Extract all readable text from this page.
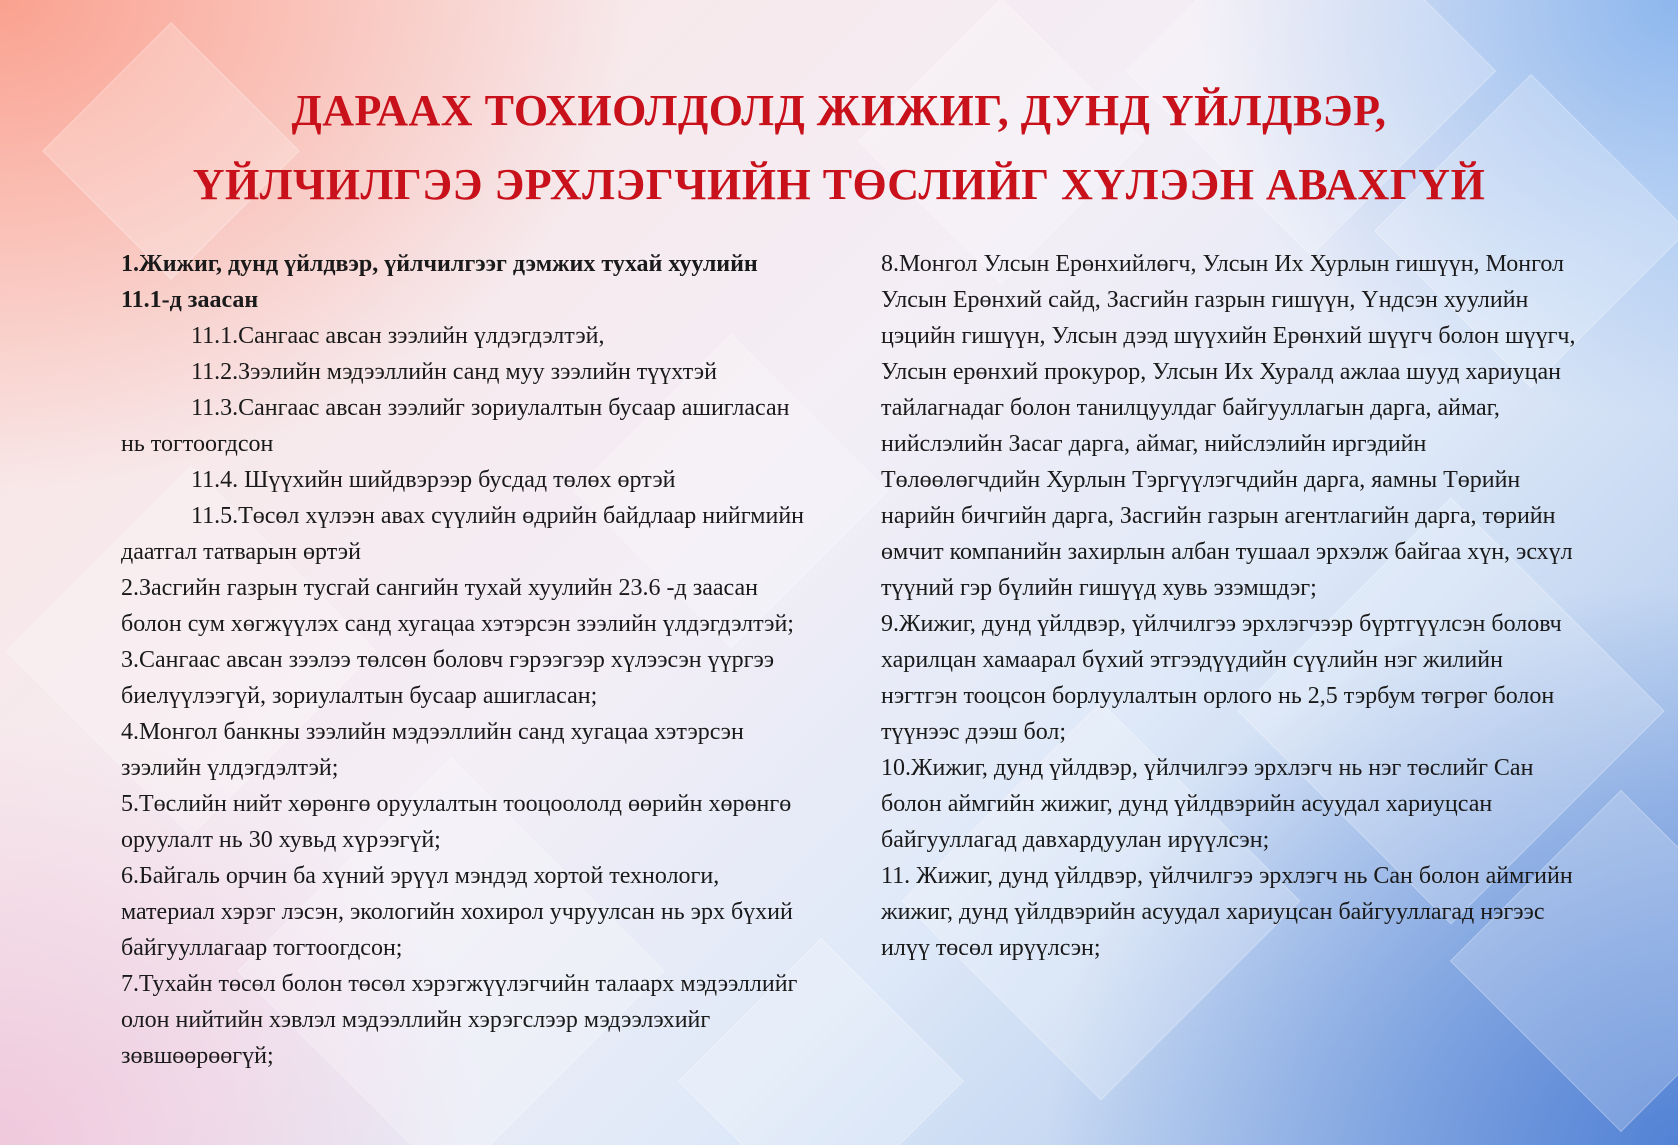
ДАРААХ ТОХИОЛДОЛД ЖИЖИГ, ДУНД ҮЙЛДВЭР,
ҮЙЛЧИЛГЭЭ ЭРХЛЭГЧИЙН ТӨСЛИЙГ ХҮЛЭЭН АВАХГҮЙ

1.Жижиг, дунд үйлдвэр, үйлчилгээг дэмжих тухай хуулийн 11.1-д заасан

11.1.Сангаас авсан зээлийн үлдэгдэлтэй,

11.2.Зээлийн мэдээллийн санд муу зээлийн түүхтэй

11.3.Сангаас авсан зээлийг зориулалтын бусаар ашигласан нь тогтоогдсон

11.4. Шүүхийн шийдвэрээр бусдад төлөх өртэй

11.5.Төсөл хүлээн авах сүүлийн өдрийн байдлаар нийгмийн даатгал татварын өртэй

2.Засгийн газрын тусгай сангийн тухай хуулийн 23.6 -д заасан болон сум хөгжүүлэх санд хугацаа хэтэрсэн зээлийн үлдэгдэлтэй;

3.Сангаас авсан зээлээ төлсөн боловч гэрээгээр хүлээсэн үүргээ биелүүлээгүй, зориулалтын бусаар ашигласан;

4.Монгол банкны зээлийн мэдээллийн санд хугацаа хэтэрсэн зээлийн үлдэгдэлтэй;

5.Төслийн нийт хөрөнгө оруулалтын тооцоололд өөрийн хөрөнгө оруулалт нь 30 хувьд хүрээгүй;

6.Байгаль орчин ба хүний эрүүл мэндэд хортой технологи, материал хэрэг лэсэн, экологийн хохирол учруулсан нь эрх бүхий байгууллагаар тогтоогдсон;

7.Тухайн төсөл болон төсөл хэрэгжүүлэгчийн талаарх мэдээллийг олон нийтийн хэвлэл мэдээллийн хэрэгслээр мэдээлэхийг зөвшөөрөөгүй;

8.Монгол Улсын Ерөнхийлөгч, Улсын Их Хурлын гишүүн, Монгол Улсын Ерөнхий сайд, Засгийн газрын гишүүн, Үндсэн хуулийн цэцийн гишүүн, Улсын дээд шүүхийн Ерөнхий шүүгч болон шүүгч, Улсын ерөнхий прокурор, Улсын Их Хуралд ажлаа шууд хариуцан тайлагнадаг болон танилцуулдаг байгууллагын дарга, аймаг, нийслэлийн Засаг дарга, аймаг, нийслэлийн иргэдийн Төлөөлөгчдийн Хурлын Тэргүүлэгчдийн дарга, яамны Төрийн нарийн бичгийн дарга, Засгийн газрын агентлагийн дарга, төрийн өмчит компанийн захирлын албан тушаал эрхэлж байгаа хүн, эсхүл түүний гэр бүлийн гишүүд хувь эзэмшдэг;

9.Жижиг, дунд үйлдвэр, үйлчилгээ эрхлэгчээр бүртгүүлсэн боловч харилцан хамаарал бүхий этгээдүүдийн сүүлийн нэг жилийн нэгтгэн тооцсон борлуулалтын орлого нь 2,5 тэрбум төгрөг болон түүнээс дээш бол;

10.Жижиг, дунд үйлдвэр, үйлчилгээ эрхлэгч нь нэг төслийг Сан болон аймгийн жижиг, дунд үйлдвэрийн асуудал хариуцсан байгууллагад давхардуулан ирүүлсэн;

11. Жижиг, дунд үйлдвэр, үйлчилгээ эрхлэгч нь Сан болон аймгийн жижиг, дунд үйлдвэрийн асуудал хариуцсан байгууллагад нэгээс илүү төсөл ирүүлсэн;
